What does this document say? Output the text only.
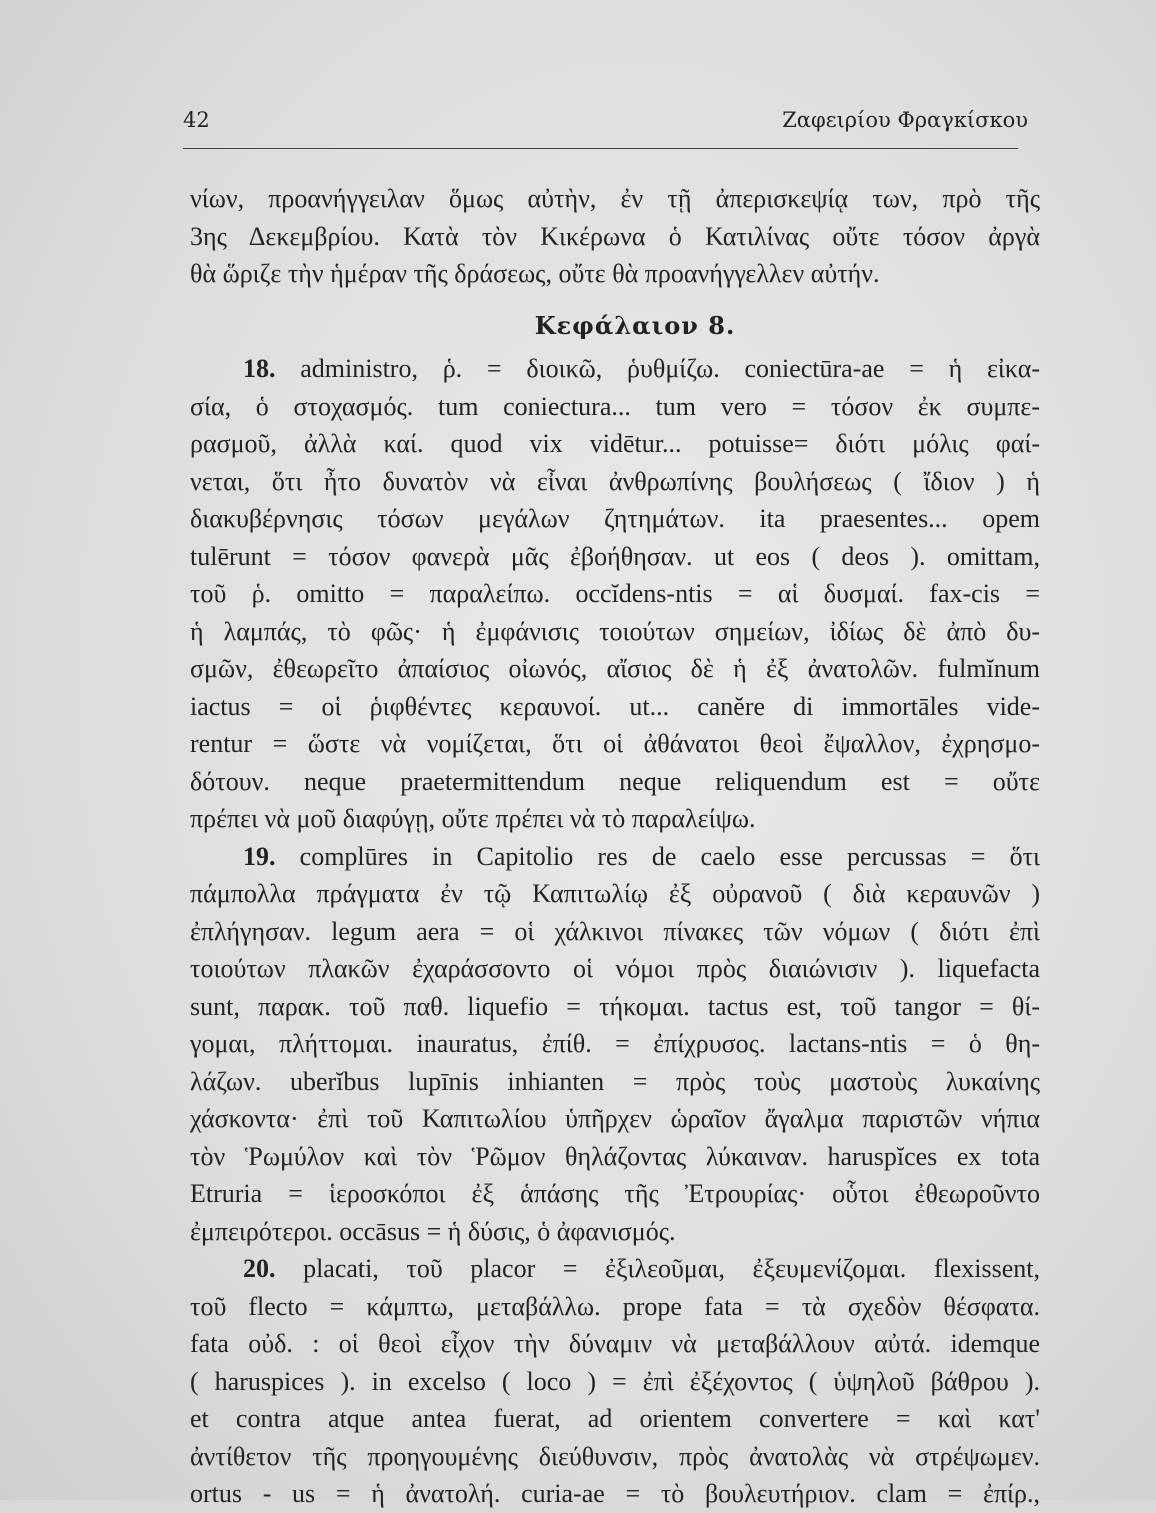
42	Ζαφειρίου Φραγκίσκου
νίων, προανήγγειλαν ὅμως αὐτὴν, ἐν τῇ ἀπερισκεψίᾳ των, πρὸ τῆς
3ης Δεκεμβρίου. Κατὰ τὸν Κικέρωνα ὁ Κατιλίνας οὔτε τόσον ἀργὰ
θὰ ὥριζε τὴν ἡμέραν τῆς δράσεως, οὔτε θὰ προανήγγελλεν αὐτήν.
Κεφάλαιον 8.
18. administro, ῥ. = διοικῶ, ῥυθμίζω. coniectūra-ae = ἡ εἰκα-
σία, ὁ στοχασμός. tum coniectura... tum vero = τόσον ἐκ συμπε-
ρασμοῦ, ἀλλὰ καί. quod vix vidētur... potuisse= διότι μόλις φαί-
νεται, ὅτι ἦτο δυνατὸν νὰ εἶναι ἀνθρωπίνης βουλήσεως ( ἴδιον ) ἡ
διακυβέρνησις τόσων μεγάλων ζητημάτων. ita praesentes... opem
tulērunt = τόσον φανερὰ μᾶς ἐβοήθησαν. ut eos ( deos ). omittam,
τοῦ ῥ. omitto = παραλείπω. occĭdens-ntis = αἱ δυσμαί. fax-cis =
ἡ λαμπάς, τὸ φῶς· ἡ ἐμφάνισις τοιούτων σημείων, ἰδίως δὲ ἀπὸ δυ-
σμῶν, ἐθεωρεῖτο ἀπαίσιος οἰωνός, αἴσιος δὲ ἡ ἐξ ἀνατολῶν. fulmĭnum
iactus = οἱ ῥιφθέντες κεραυνοί. ut... canĕre di immortāles vide-
rentur = ὥστε νὰ νομίζεται, ὅτι οἱ ἀθάνατοι θεοὶ ἔψαλλον, ἐχρησμο-
δότουν. neque praetermittendum neque reliquendum est = οὔτε
πρέπει νὰ μοῦ διαφύγῃ, οὔτε πρέπει νὰ τὸ παραλείψω.
19. complūres in Capitolio res de caelo esse percussas = ὅτι
πάμπολλα πράγματα ἐν τῷ Καπιτωλίῳ ἐξ οὐρανοῦ ( διὰ κεραυνῶν )
ἐπλήγησαν. legum aera = οἱ χάλκινοι πίνακες τῶν νόμων ( διότι ἐπὶ
τοιούτων πλακῶν ἐχαράσσοντο οἱ νόμοι πρὸς διαιώνισιν ). liquefacta
sunt, παρακ. τοῦ παθ. liquefio = τήκομαι. tactus est, τοῦ tangor = θί-
γομαι, πλήττομαι. inauratus, ἐπίθ. = ἐπίχρυσος. lactans-ntis = ὁ θη-
λάζων. uberĭbus lupīnis inhianten = πρὸς τοὺς μαστοὺς λυκαίνης
χάσκοντα· ἐπὶ τοῦ Καπιτωλίου ὑπῆρχεν ὡραῖον ἄγαλμα παριστῶν νήπια
τὸν Ῥωμύλον καὶ τὸν Ῥῶμον θηλάζοντας λύκαιναν. haruspĭces ex tota
Etruria = ἱεροσκόποι ἐξ ἁπάσης τῆς Ἐτρουρίας· οὗτοι ἐθεωροῦντο
ἐμπειρότεροι. occāsus = ἡ δύσις, ὁ ἀφανισμός.
20. placati, τοῦ placor = ἐξιλεοῦμαι, ἐξευμενίζομαι. flexissent,
τοῦ flecto = κάμπτω, μεταβάλλω. prope fata = τὰ σχεδὸν θέσφατα.
fata οὐδ. : οἱ θεοὶ εἶχον τὴν δύναμιν νὰ μεταβάλλουν αὐτά. idemque
( haruspices ). in excelso ( loco ) = ἐπὶ ἐξέχοντος ( ὑψηλοῦ βάθρου ).
et contra atque antea fuerat, ad orientem convertere = καὶ κατ'
ἀντίθετον τῆς προηγουμένης διεύθυνσιν, πρὸς ἀνατολὰς νὰ στρέψωμεν.
ortus - us = ἡ ἀνατολή. curia-ae = τὸ βουλευτήριον. clam = ἐπίρ.,
